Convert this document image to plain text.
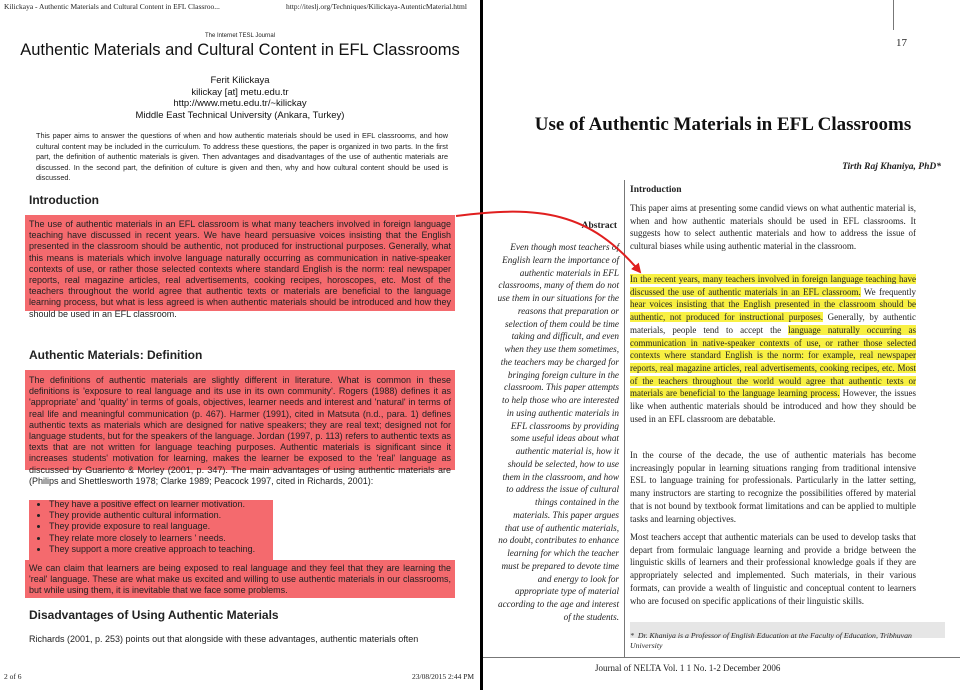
Kilickaya - Authentic Materials and Cultural Content in EFL Classroo...	http://iteslj.org/Techniques/Kilickaya-AutenticMaterial.html
The Internet TESL Journal
Authentic Materials and Cultural Content in EFL Classrooms
Ferit Kilickaya
kilickay [at] metu.edu.tr
http://www.metu.edu.tr/~kilickay
Middle East Technical University (Ankara, Turkey)
This paper aims to answer the questions of when and how authentic materials should be used in EFL classrooms, and how cultural content may be included in the curriculum. To address these questions, the paper is organized in two parts. In the first part, the definition of authentic materials is given. Then advantages and disadvantages of the use of authentic materials are discussed. In the second part, the definition of culture is given and then, why and how cultural content should be used is discussed.
Introduction
The use of authentic materials in an EFL classroom is what many teachers involved in foreign language teaching have discussed in recent years. We have heard persuasive voices insisting that the English presented in the classroom should be authentic, not produced for instructional purposes. Generally, what this means is materials which involve language naturally occurring as communication in native-speaker contexts of use, or rather those selected contexts where standard English is the norm: real newspaper reports, real magazine articles, real advertisements, cooking recipes, horoscopes, etc. Most of the teachers throughout the world agree that authentic texts or materials are beneficial to the language learning process, but what is less agreed is when authentic materials should be introduced and how they should be used in an EFL classroom.
Authentic Materials: Definition
The definitions of authentic materials are slightly different in literature. What is common in these definitions is 'exposure to real language and its use in its own community'. Rogers (1988) defines it as 'appropriate' and 'quality' in terms of goals, objectives, learner needs and interest and 'natural' in terms of real life and meaningful communication (p. 467). Harmer (1991), cited in Matsuta (n.d., para. 1) defines authentic texts as materials which are designed for native speakers; they are real text; designed not for language students, but for the speakers of the language. Jordan (1997, p. 113) refers to authentic texts as texts that are not written for language teaching purposes. Authentic materials is significant since it increases students' motivation for learning, makes the learner be exposed to the 'real' language as discussed by Guariento & Morley (2001, p. 347). The main advantages of using authentic materials are (Philips and Shettlesworth 1978; Clarke 1989; Peacock 1997, cited in Richards, 2001):
• They have a positive effect on learner motivation.
• They provide authentic cultural information.
• They provide exposure to real language.
• They relate more closely to learners ' needs.
• They support a more creative approach to teaching.
We can claim that learners are being exposed to real language and they feel that they are learning the 'real' language. These are what make us excited and willing to use authentic materials in our classrooms, but while using them, it is inevitable that we face some problems.
Disadvantages of Using Authentic Materials
Richards (2001, p. 253) points out that alongside with these advantages, authentic materials often
2 of 6	23/08/2015 2:44 PM
17
Use of Authentic Materials in EFL Classrooms
Tirth Raj Khaniya, PhD*
Abstract
Even though most teachers of English learn the importance of authentic materials in EFL classrooms, many of them do not use them in our situations for the reasons that preparation or selection of them could be time taking and difficult, and even when they use them sometimes, the teachers may be charged for bringing foreign culture in the classroom. This paper attempts to help those who are interested in using authentic materials in EFL classrooms by providing some useful ideas about what authentic material is, how it should be selected, how to use them in the classroom, and how to address the issue of cultural things contained in the materials. This paper argues that use of authentic materials, no doubt, contributes to enhance learning for which the teacher must be prepared to devote time and energy to look for appropriate type of material according to the age and interest of the students.
Introduction
This paper aims at presenting some candid views on what authentic material is, when and how authentic materials should be used in EFL classrooms. It suggests how to select authentic materials and how to address the issue of cultural biases while using authentic material in the classroom.
In the recent years, many teachers involved in foreign language teaching have discussed the use of authentic materials in an EFL classroom. We frequently hear voices insisting that the English presented in the classroom should be authentic, not produced for instructional purposes. Generally, by authentic materials, people tend to accept the language naturally occurring as communication in native-speaker contexts of use, or rather those selected contexts where standard English is the norm: for example, real newspaper reports, real magazine articles, real advertisements, cooking recipes, etc. Most of the teachers throughout the world would agree that authentic texts or materials are beneficial to the language learning process. However, the issues like when authentic materials should be introduced and how they should be used in an EFL classroom are debatable.
In the course of the decade, the use of authentic materials has become increasingly popular in learning situations ranging from traditional intensive ESL to language training for professionals. Particularly in the latter setting, many instructors are starting to recognize the possibilities offered by material that is not bound by textbook format limitations and can be applied to multiple tasks and learning objectives.
Most teachers accept that authentic materials can be used to develop tasks that depart from formulaic language learning and provide a bridge between the linguistic skills of learners and their professional knowledge goals if they are appropriately selected and implemented. Such materials, in their various formats, can provide a wealth of linguistic and conceptual content to learners who are focused on specific applications of their linguistic skills.
* Dr. Khaniya is a Professor of English Education at the Faculty of Education, Tribhuvan University
Journal of NELTA Vol. 1 1 No. 1-2 December 2006
